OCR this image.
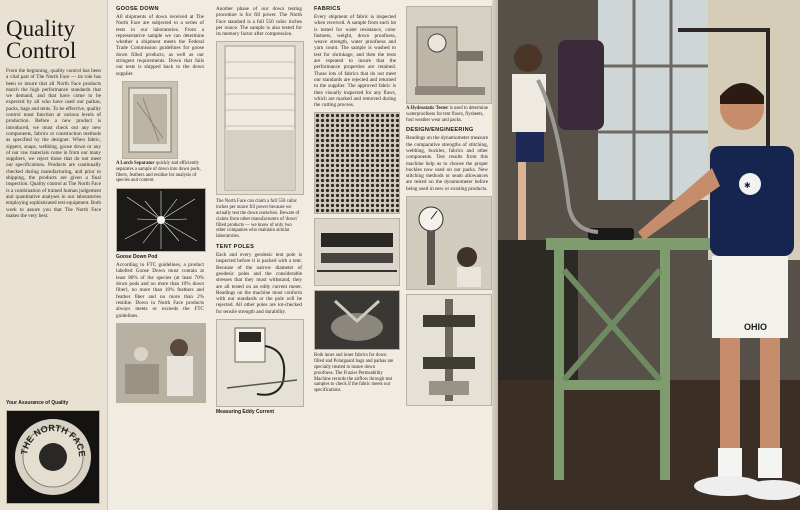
Quality
Control
From the beginning, quality control has been a vital part of The North Face — its role has been to insure that all North Face products match the high performance standards that we demand, and that have come to be expected by all who have used our parkas, packs, bags and tents. To be effective, quality control must function at various levels of production. Before a new product is introduced, we must check out any new components, fabrics or construction methods as specified by the designer. When fabric, zippers, snaps, webbing, goose down or any of our raw materials come in from our many suppliers, we reject those that do not meet our specifications. Products are continually checked during manufacturing, and prior to shipping, the products are given a final inspection. Quality control at The North Face is a combination of trained human judgement and quantitative analyses in our laboratories employing sophisticated test equipment. Both work to assure you that The North Face makes the very best.
Your Assurance of Quality
THE NORTH FACE
GOOSE DOWN
All shipments of down received at The North Face are subjected to a series of tests in our laboratories. From a representative sample we can determine whether a shipment meets the Federal Trade Commission guidelines for goose down filled products, as well as our stringent requirements. Down that fails our tests is shipped back to the down supplier.
A Lorch Separator quickly and efficiently separates a sample of down into down pods, fibers, feathers and residue for analysis of species and content.
Goose Down Pod
According to FTC guidelines, a product labelled Goose Down must contain at least 80% of the species (at least 70% down pods and no more than 10% down fiber), no more than 10% feathers and feather fiber and no more than 2% residue. Down in North Face products always meets or exceeds the FTC guidelines.
Another phase of our down testing procedure is for fill power. The North Face standard is a full 550 cubic inches per ounce. The sample is also tested for its memory factor after compression.
The North Face can claim a full 550 cubic inches per ounce fill power because we actually test the down ourselves. Beware of claims from other manufacturers of 'down' filled products — we know of only two other companies who maintain similar laboratories.
TENT POLES
Each and every geodesic tent pole is inspected before it is packed with a tent. Because of the narrow diameter of geodesic poles and the considerable stresses that they must withstand, they are all tested on an eddy current meter. Readings on the machine must conform with our standards or the pole will be rejected. All other poles are lot-checked for tensile strength and durability.
Measuring Eddy Current
FABRICS
Every shipment of fabric is inspected when received. A sample from each lot is tested for water resistance, color fastness, weight, down proofness, weave strength, water proofness and yarn count. The sample is washed to test for shrinkage, and then the tests are repeated to insure that the performance properties are retained. Those lots of fabrics that do not meet our standards are rejected and returned to the supplier. The approved fabric is then visually inspected for any flaws, which are marked and removed during the cutting process.
Both inner and inner fabrics for down filled and Polarguard bags and parkas are specially treated to insure down proofness. The Frazier Permeability Machine records the airflow through test samples to check if the fabric meets our specifications.
A Hydrostatic Tester is used to determine waterproofness for tent floors, flysheets, foul weather wear and packs.
DESIGN/ENGINEERING
Readings on the dynamometer measure the comparative strengths of stitching, webbing, buckles, fabrics and other components. Test results from this machine help us to choose the proper buckles now used on our packs. New stitching methods or seam allowances are tested on the dynamometer before being used in new or existing products.	✱
OHIO
